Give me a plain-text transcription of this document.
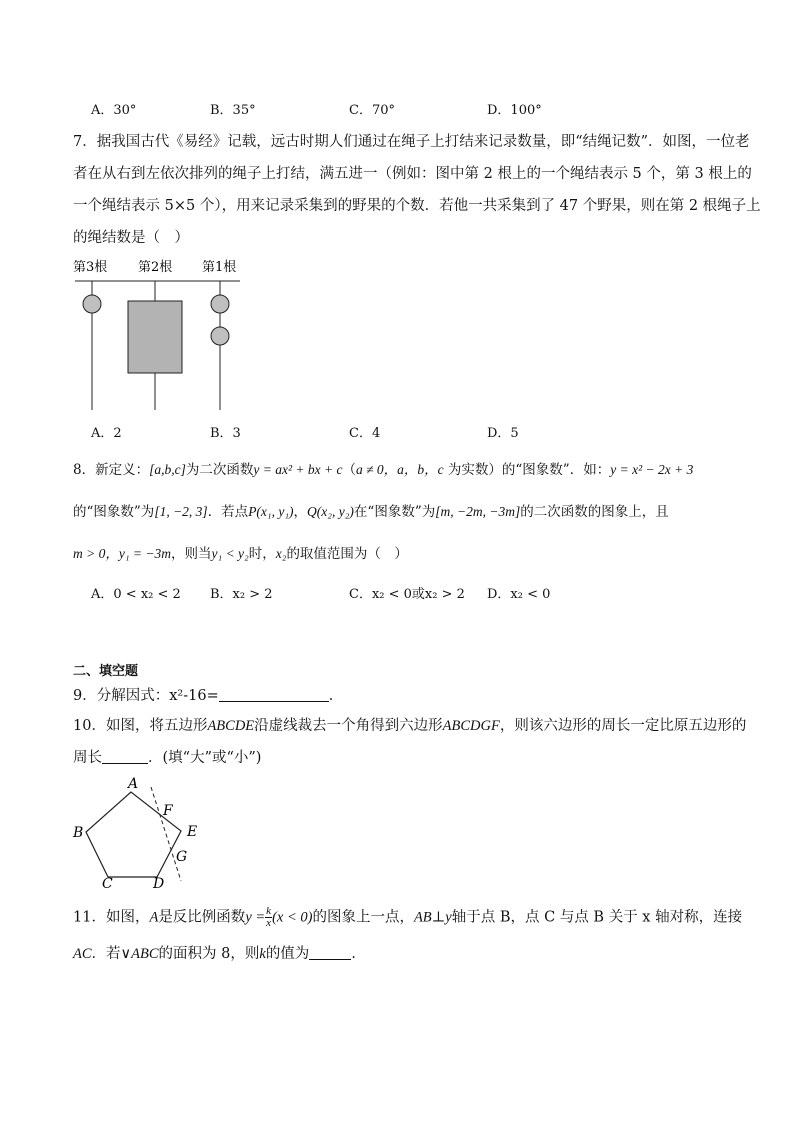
A．30°	B．35°	C．70°	D．100°
7．据我国古代《易经》记载，远古时期人们通过在绳子上打结来记录数量，即“结绳记数”．如图，一位老
者在从右到左依次排列的绳子上打结，满五进一（例如：图中第 2 根上的一个绳结表示 5 个，第 3 根上的
一个绳结表示 5×5 个），用来记录采集到的野果的个数．若他一共采集到了 47 个野果，则在第 2 根绳子上
的绳结数是（　）
第3根 第2根 第1根
A．2	B．3	C．4	D．5
8．新定义：[a,b,c]为二次函数y = ax² + bx + c（a ≠ 0，a，b，c 为实数）的“图象数”．如：y = x² − 2x + 3
的“图象数”为[1, −2, 3]．若点P(x₁, y₁)，Q(x₂, y₂)在“图象数”为[m, −2m, −3m]的二次函数的图象上，且
m > 0，y₁ = −3m，则当y₁ < y₂时，x₂的取值范围为（　）
A．0 < x₂ < 2 B．x₂ > 2	C．x₂ < 0或x₂ > 2 D．x₂ < 0
二、填空题
9．分解因式：x²-16=	．
10．如图，将五边形ABCDE沿虚线裁去一个角得到六边形ABCDGF，则该六边形的周长一定比原五边形的
周长	．(填“大”或“小”)
A
B
C	D
E
F
G
11．如图，A是反比例函数$y = \frac{k}{x} (x < 0)$的图象上一点，AB⊥y轴于点 B，点 C 与点 B 关于 x 轴对称，连接
AC．若∨ABC的面积为 8，则k的值为	．
